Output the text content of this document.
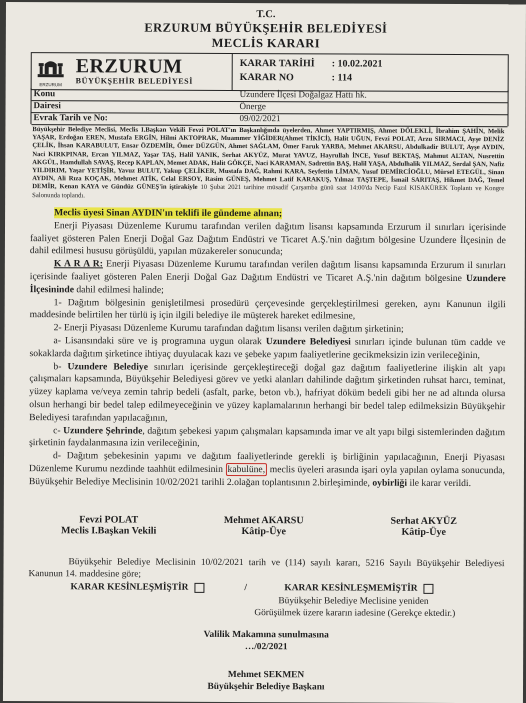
T.C.
ERZURUM BÜYÜKŞEHİR BELEDİYESİ
MECLİS KARARI
ERZURUM
ERZURUM
BÜYÜKŞEHİR BELEDİYESİ
KARAR TARİHİ : 10.02.2021
KARAR NO	: 114
Konu	Uzundere İlçesi Doğalgaz Hattı hk.
Dairesi	Önerge
Evrak Tarih ve No:	09/02/2021
Büyükşehir Belediye Meclisi, Meclis I.Başkan Vekili Fevzi POLAT'ın Başkanlığında üyelerden, Ahmet YAPTIRMIŞ, Ahmet DÖLEKLİ, İbrahim ŞAHİN, Melik YAŞAR, Erdoğan EREN, Mustafa ERGİN, Hilmi AKTOPRAK, Muammer YİĞİDER(Ahmet TİKİCİ), Halit UĞUN, Fevzi POLAT, Arzu SIRMACI, Ayşe DENİZ ÇELİK, İhsan KARABULUT, Ensar ÖZDEMİR, Ömer DÜZGÜN, Ahmet SAĞLAM, Ömer Faruk YARBA, Mehmet AKARSU, Abdulkadir BULUT, Ayşe AYDIN, Naci KIRKPINAR, Ercan YILMAZ, Yaşar TAŞ, Halil YANIK, Serhat AKYÜZ, Murat YAVUZ, Hayrullah İNCE, Yusuf BEKTAŞ, Mahmut ALTAN, Nusrettin AKGÜL, Hamdullah SAVAŞ, Recep KAPLAN, Memet ADAK, Halit GÖKÇE, Naci KARAMAN, Sadrettin BAŞ, Halil YAŞA, Abdulhalik YILMAZ, Serdal ŞAN, Nafiz YILDIRIM, Yaşar YETİŞİR, Yavuz BULUT, Yakup ÇELİKER, Mustafa DAĞ, Rahmi KARA, Seyfettin LİMAN, Yusuf DEMİRCİOĞLU, Mürsel ETEGÜL, Sinan AYDIN, Ali Rıza KOÇAK, Mehmet ATİK, Celal ERSOY, Rasim GÜNEŞ, Mehmet Latif KARAKUŞ, Yılmaz TAŞTEPE, İsmail SARITAŞ, Hikmet DAĞ, Temel DEMİR, Kenan KAYA ve Gündüz GÜNEŞ'in iştirakiyle 10 Şubat 2021 tarihine müsadif Çarşamba günü saat 14:00'da Necip Fazıl KISAKÜREK Toplantı ve Kongre Salonunda toplandı.

Meclis üyesi Sinan AYDIN'ın teklifi ile gündeme alınan;

Enerji Piyasası Düzenleme Kurumu tarafından verilen dağıtım lisansı kapsamında Erzurum il sınırları içerisinde faaliyet gösteren Palen Enerji Doğal Gaz Dağıtım Endüstri ve Ticaret A.Ş.'nin dağıtım bölgesine Uzundere İlçesinin de dahil edilmesi hususu görüşüldü, yapılan müzakereler sonucunda;

K A R A R: Enerji Piyasası Düzenleme Kurumu tarafından verilen dağıtım lisansı kapsamında Erzurum il sınırları içerisinde faaliyet gösteren Palen Enerji Doğal Gaz Dağıtım Endüstri ve Ticaret A.Ş.'nin dağıtım bölgesine Uzundere İlçesininde dahil edilmesi halinde;

1- Dağıtım bölgesinin genişletilmesi prosedürü çerçevesinde gerçekleştirilmesi gereken, aynı Kanunun ilgili maddesinde belirtilen her türlü iş için ilgili belediye ile müşterek hareket edilmesine,

2- Enerji Piyasası Düzenleme Kurumu tarafından dağıtım lisansı verilen dağıtım şirketinin;

a- Lisansındaki süre ve iş programına uygun olarak Uzundere Belediyesi sınırları içinde bulunan tüm cadde ve sokaklarda dağıtım şirketince ihtiyaç duyulacak kazı ve şebeke yapım faaliyetlerine gecikmeksizin izin verileceğinin,

b- Uzundere Belediye sınırları içerisinde gerçekleştireceği doğal gaz dağıtım faaliyetlerine ilişkin alt yapı çalışmaları kapsamında, Büyükşehir Belediyesi görev ve yetki alanları dahilinde dağıtım şirketinden ruhsat harcı, teminat, yüzey kaplama ve/veya zemin tahrip bedeli (asfalt, parke, beton vb.), hafriyat döküm bedeli gibi her ne ad altında olursa olsun herhangi bir bedel talep edilmeyeceğinin ve yüzey kaplamalarının herhangi bir bedel talep edilmeksizin Büyükşehir Belediyesi tarafından yapılacağının,

c- Uzundere Şehrinde, dağıtım şebekesi yapım çalışmaları kapsamında imar ve alt yapı bilgi sistemlerinden dağıtım şirketinin faydalanmasına izin verileceğinin,

d- Dağıtım şebekesinin yapımı ve dağıtım faaliyetlerinde gerekli iş birliğinin yapılacağının, Enerji Piyasası Düzenleme Kurumu nezdinde taahhüt edilmesinin kabulüne, meclis üyeleri arasında işari oyla yapılan oylama sonucunda, Büyükşehir Belediye Meclisinin 10/02/2021 tarihli 2.olağan toplantısının 2.birleşiminde, oybirliği ile karar verildi.

Fevzi POLAT
Meclis I.Başkan Vekili
Mehmet AKARSU
Kâtip-Üye
Serhat AKYÜZ
Kâtip-Üye

Büyükşehir Belediye Meclisinin 10/02/2021 tarih ve (114) sayılı kararı, 5216 Sayılı Büyükşehir Belediyesi Kanunun 14. maddesine göre;

KARAR KESİNLEŞMİŞTİR	/	KARAR KESİNLEŞMEMİŞTİR
Büyükşehir Belediye Meclisine yeniden
Görüşülmek üzere kararın iadesine (Gerekçe ektedir.)
Valilik Makamına sunulmasına
…/02/2021
Mehmet SEKMEN
Büyükşehir Belediye Başkanı
